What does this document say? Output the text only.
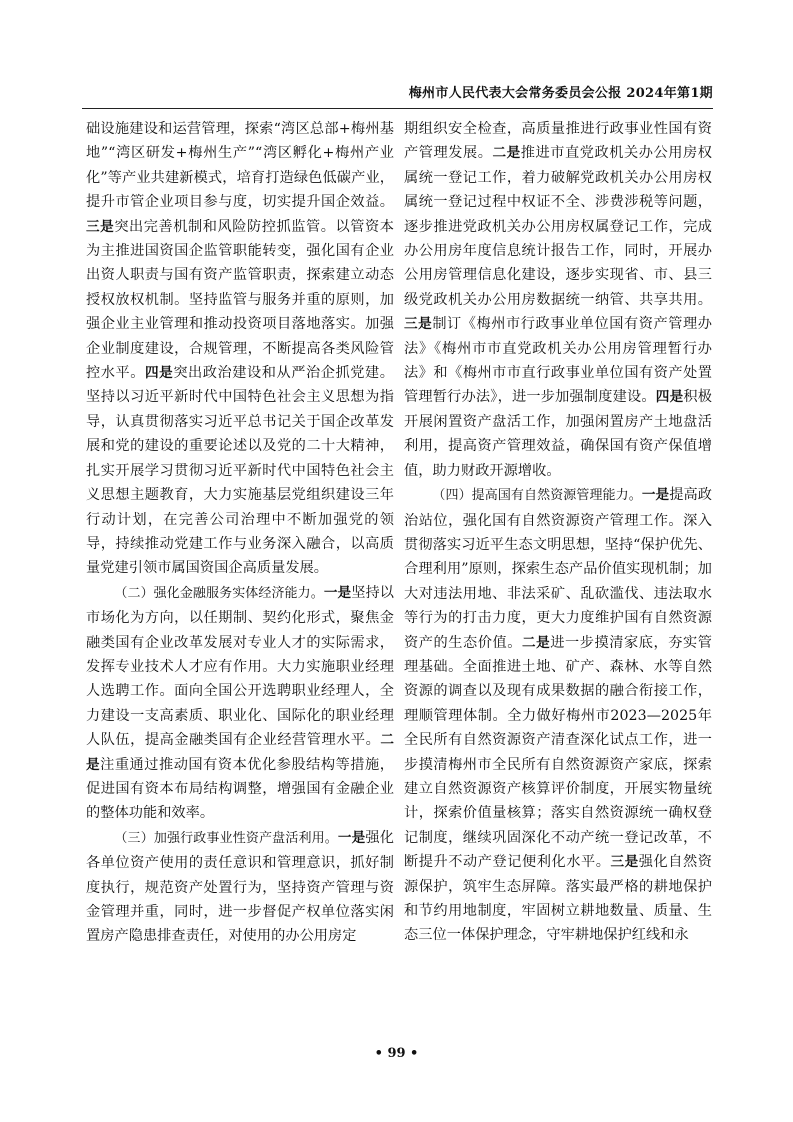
梅州市人民代表大会常务委员会公报 2024年第1期

础设施建设和运营管理，探索“湾区总部+梅州基地”“湾区研发+梅州生产”“湾区孵化+梅州产业化”等产业共建新模式，培育打造绿色低碳产业，提升市管企业项目参与度，切实提升国企效益。三是突出完善机制和风险防控抓监管。以管资本为主推进国资国企监管职能转变，强化国有企业出资人职责与国有资产监管职责，探索建立动态授权放权机制。坚持监管与服务并重的原则，加强企业主业管理和推动投资项目落地落实。加强企业制度建设，合规管理，不断提高各类风险管控水平。四是突出政治建设和从严治企抓党建。坚持以习近平新时代中国特色社会主义思想为指导，认真贯彻落实习近平总书记关于国企改革发展和党的建设的重要论述以及党的二十大精神，扎实开展学习贯彻习近平新时代中国特色社会主义思想主题教育，大力实施基层党组织建设三年行动计划，在完善公司治理中不断加强党的领导，持续推动党建工作与业务深入融合，以高质量党建引领市属国资国企高质量发展。

（二）强化金融服务实体经济能力。一是坚持以市场化为方向，以任期制、契约化形式，聚焦金融类国有企业改革发展对专业人才的实际需求，发挥专业技术人才应有作用。大力实施职业经理人选聘工作。面向全国公开选聘职业经理人，全力建设一支高素质、职业化、国际化的职业经理人队伍，提高金融类国有企业经营管理水平。二是注重通过推动国有资本优化参股结构等措施，促进国有资本布局结构调整，增强国有金融企业的整体功能和效率。

（三）加强行政事业性资产盘活利用。一是强化各单位资产使用的责任意识和管理意识，抓好制度执行，规范资产处置行为，坚持资产管理与资金管理并重，同时，进一步督促产权单位落实闲置房产隐患排查责任，对使用的办公用房定

期组织安全检查，高质量推进行政事业性国有资产管理发展。二是推进市直党政机关办公用房权属统一登记工作，着力破解党政机关办公用房权属统一登记过程中权证不全、涉费涉税等问题，逐步推进党政机关办公用房权属登记工作，完成办公用房年度信息统计报告工作，同时，开展办公用房管理信息化建设，逐步实现省、市、县三级党政机关办公用房数据统一纳管、共享共用。三是制订《梅州市行政事业单位国有资产管理办法》《梅州市市直党政机关办公用房管理暂行办法》和《梅州市市直行政事业单位国有资产处置管理暂行办法》，进一步加强制度建设。四是积极开展闲置资产盘活工作，加强闲置房产土地盘活利用，提高资产管理效益，确保国有资产保值增值，助力财政开源增收。

（四）提高国有自然资源管理能力。一是提高政治站位，强化国有自然资源资产管理工作。深入贯彻落实习近平生态文明思想，坚持“保护优先、合理利用”原则，探索生态产品价值实现机制；加大对违法用地、非法采矿、乱砍滥伐、违法取水等行为的打击力度，更大力度维护国有自然资源资产的生态价值。二是进一步摸清家底，夯实管理基础。全面推进土地、矿产、森林、水等自然资源的调查以及现有成果数据的融合衔接工作，理顺管理体制。全力做好梅州市2023—2025年全民所有自然资源资产清查深化试点工作，进一步摸清梅州市全民所有自然资源资产家底，探索建立自然资源资产核算评价制度，开展实物量统计，探索价值量核算；落实自然资源统一确权登记制度，继续巩固深化不动产统一登记改革，不断提升不动产登记便利化水平。三是强化自然资源保护，筑牢生态屏障。落实最严格的耕地保护和节约用地制度，牢固树立耕地数量、质量、生态三位一体保护理念，守牢耕地保护红线和永

• 99 •
